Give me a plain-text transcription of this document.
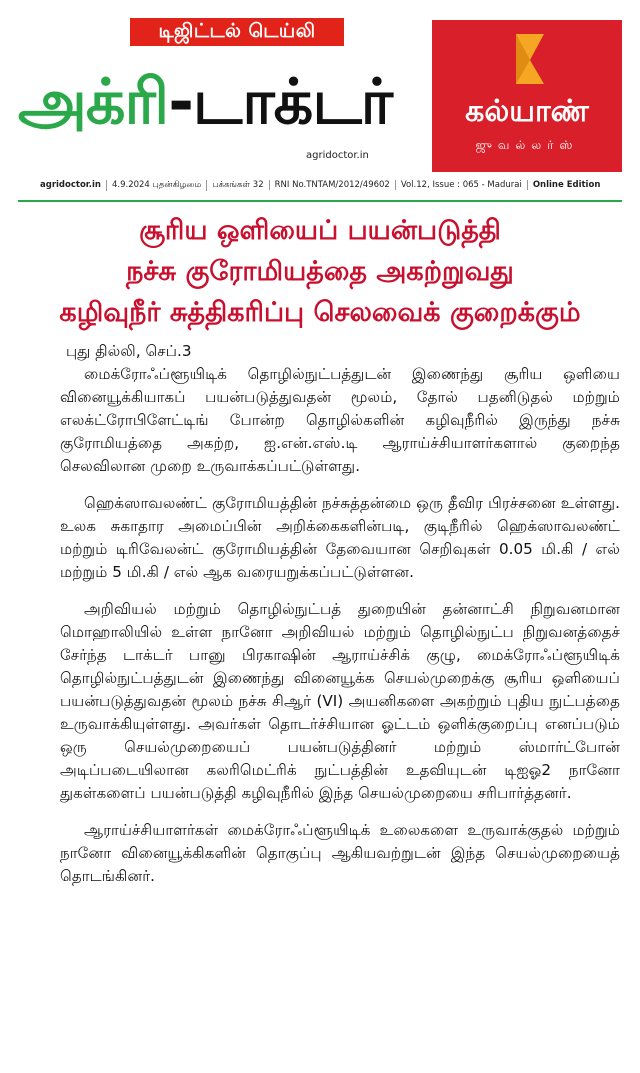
டிஜிட்டல் டெய்லி
அக்ரி-டாக்டர்
agridoctor.in
கல்யாண்
ஜுவல்லர்ஸ்
agridoctor.in	4.9.2024 புதன்கிழமை	பக்கங்கள் 32	RNI No.TNTAM/2012/49602	Vol.12, Issue : 065 - Madurai	Online Edition
சூரிய ஒளியைப் பயன்படுத்தி
நச்சு குரோமியத்தை அகற்றுவது
கழிவுநீர் சுத்திகரிப்பு செலவைக் குறைக்கும்
புது தில்லி, செப்.3

மைக்ரோஃப்ளூயிடிக் தொழில்நுட்பத்துடன் இணைந்து சூரிய ஒளியை வினையூக்கியாகப் பயன்படுத்துவதன் மூலம், தோல் பதனிடுதல் மற்றும் எலக்ட்ரோபிளேட்டிங் போன்ற தொழில்களின் கழிவுநீரில் இருந்து நச்சு குரோமியத்தை அகற்ற, ஐ.என்.எஸ்.டி ஆராய்ச்சியாளர்களால் குறைந்த செலவிலான முறை உருவாக்கப்பட்டுள்ளது.

ஹெக்ஸாவலண்ட் குரோமியத்தின் நச்சுத்தன்மை ஒரு தீவிர பிரச்சனை உள்ளது. உலக சுகாதார அமைப்பின் அறிக்கைகளின்படி, குடிநீரில் ஹெக்ஸாவலண்ட் மற்றும் டிரிவேலன்ட் குரோமியத்தின் தேவையான செறிவுகள் 0.05 மி.கி / எல் மற்றும் 5 மி.கி / எல் ஆக வரையறுக்கப்பட்டுள்ளன.

அறிவியல் மற்றும் தொழில்நுட்பத் துறையின் தன்னாட்சி நிறுவனமான மொஹாலியில் உள்ள நானோ அறிவியல் மற்றும் தொழில்நுட்ப நிறுவனத்தைச் சேர்ந்த டாக்டர் பானு பிரகாஷின் ஆராய்ச்சிக் குழு, மைக்ரோஃப்ளூயிடிக் தொழில்நுட்பத்துடன் இணைந்து வினையூக்க செயல்முறைக்கு சூரிய ஒளியைப் பயன்படுத்துவதன் மூலம் நச்சு சிஆர் (VI) அயனிகளை அகற்றும் புதிய நுட்பத்தை உருவாக்கியுள்ளது. அவர்கள் தொடர்ச்சியான ஓட்டம் ஒளிக்குறைப்பு எனப்படும் ஒரு செயல்முறையைப் பயன்படுத்தினர் மற்றும் ஸ்மார்ட்போன் அடிப்படையிலான கலரிமெட்ரிக் நுட்பத்தின் உதவியுடன் டிஐஓ2 நானோ துகள்களைப் பயன்படுத்தி கழிவுநீரில் இந்த செயல்முறையை சரிபார்த்தனர்.

ஆராய்ச்சியாளர்கள் மைக்ரோஃப்ளூயிடிக் உலைகளை உருவாக்குதல் மற்றும் நானோ வினையூக்கிகளின் தொகுப்பு ஆகியவற்றுடன் இந்த செயல்முறையைத் தொடங்கினர்.
